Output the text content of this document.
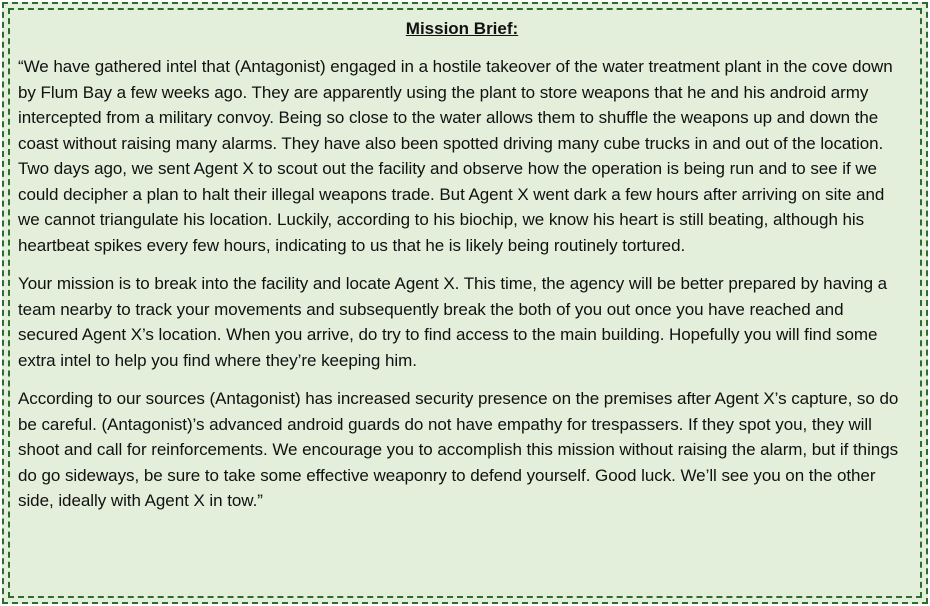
Mission Brief:

“We have gathered intel that (Antagonist) engaged in a hostile takeover of the water treatment plant in the cove down by Flum Bay a few weeks ago. They are apparently using the plant to store weapons that he and his android army intercepted from a military convoy. Being so close to the water allows them to shuffle the weapons up and down the coast without raising many alarms. They have also been spotted driving many cube trucks in and out of the location. Two days ago, we sent Agent X to scout out the facility and observe how the operation is being run and to see if we could decipher a plan to halt their illegal weapons trade. But Agent X went dark a few hours after arriving on site and we cannot triangulate his location. Luckily, according to his biochip, we know his heart is still beating, although his heartbeat spikes every few hours, indicating to us that he is likely being routinely tortured.

Your mission is to break into the facility and locate Agent X. This time, the agency will be better prepared by having a team nearby to track your movements and subsequently break the both of you out once you have reached and secured Agent X’s location. When you arrive, do try to find access to the main building. Hopefully you will find some extra intel to help you find where they’re keeping him.

According to our sources (Antagonist) has increased security presence on the premises after Agent X’s capture, so do be careful. (Antagonist)’s advanced android guards do not have empathy for trespassers. If they spot you, they will shoot and call for reinforcements. We encourage you to accomplish this mission without raising the alarm, but if things do go sideways, be sure to take some effective weaponry to defend yourself. Good luck. We’ll see you on the other side, ideally with Agent X in tow.”
